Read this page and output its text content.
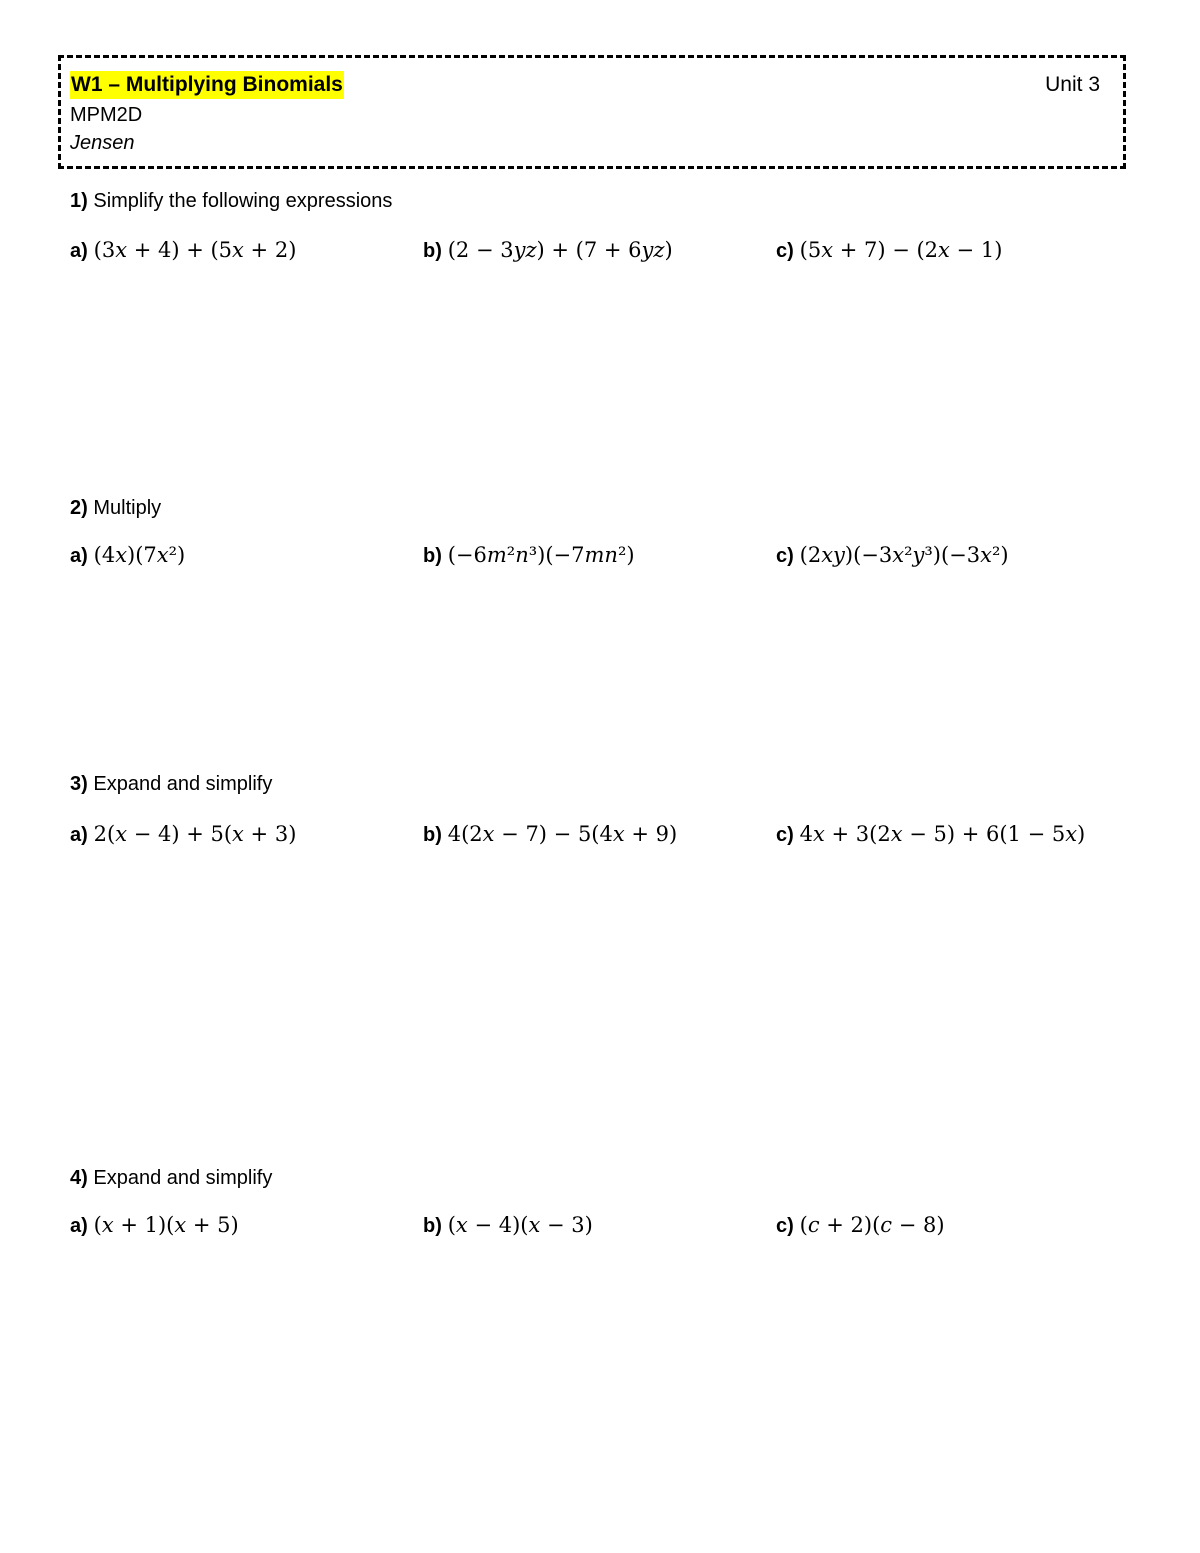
W1 – Multiplying Binomials	Unit 3
MPM2D
Jensen
1) Simplify the following expressions
a) (3𝑥 + 4) + (5𝑥 + 2)	b) (2 − 3𝑦𝑧) + (7 + 6𝑦𝑧)	c) (5𝑥 + 7) − (2𝑥 − 1)
2) Multiply
a) (4𝑥)(7𝑥²)	b) (−6𝑚²𝑛³)(−7𝑚𝑛²)	c) (2𝑥𝑦)(−3𝑥²𝑦³)(−3𝑥²)
3) Expand and simplify
a) 2(𝑥 − 4) + 5(𝑥 + 3)	b) 4(2𝑥 − 7) − 5(4𝑥 + 9)	c) 4𝑥 + 3(2𝑥 − 5) + 6(1 − 5𝑥)
4) Expand and simplify
a) (𝑥 + 1)(𝑥 + 5)	b) (𝑥 − 4)(𝑥 − 3)	c) (𝑐 + 2)(𝑐 − 8)
